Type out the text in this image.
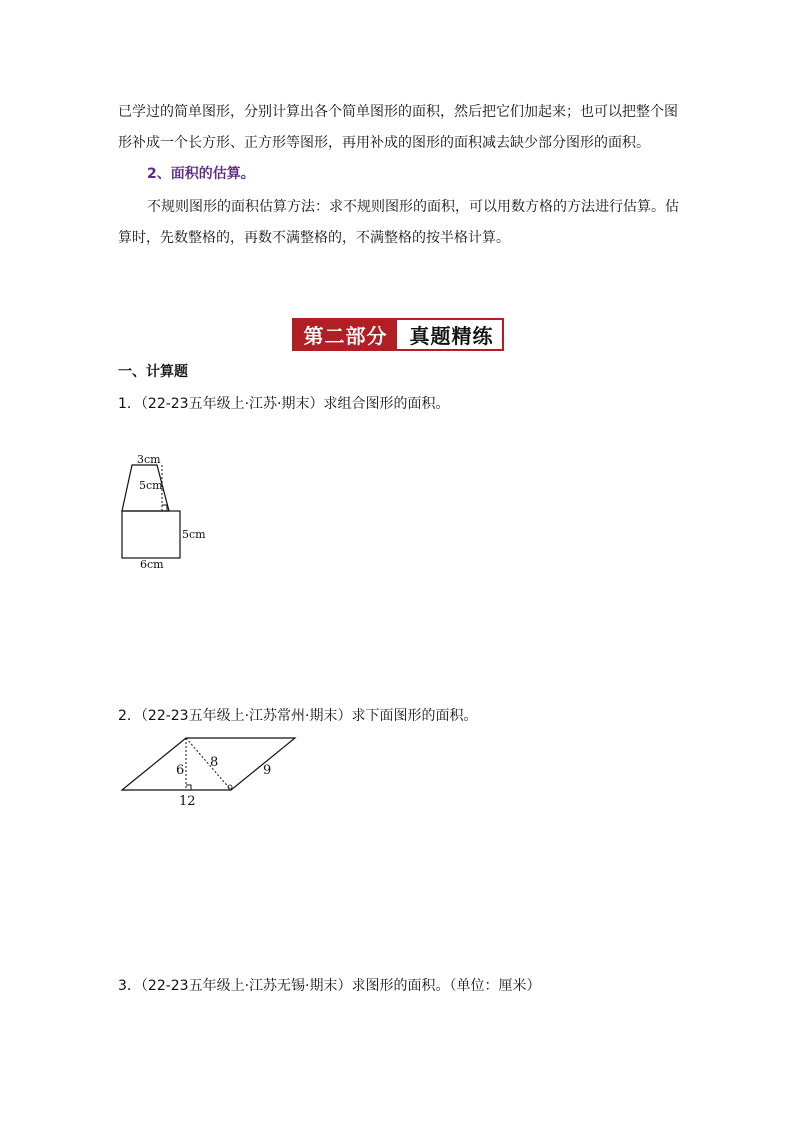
已学过的简单图形，分别计算出各个简单图形的面积，然后把它们加起来；也可以把整个图
形补成一个长方形、正方形等图形，再用补成的图形的面积减去缺少部分图形的面积。
2、面积的估算。
不规则图形的面积估算方法：求不规则图形的面积，可以用数方格的方法进行估算。估
算时，先数整格的，再数不满整格的，不满整格的按半格计算。
第二部分	真题精练
一、计算题
1．（22-23五年级上·江苏·期末）求组合图形的面积。
3cm
5cm
5cm
6cm
2．（22-23五年级上·江苏常州·期末）求下面图形的面积。
6
8
9
12
3．（22-23五年级上·江苏无锡·期末）求图形的面积。（单位：厘米）
